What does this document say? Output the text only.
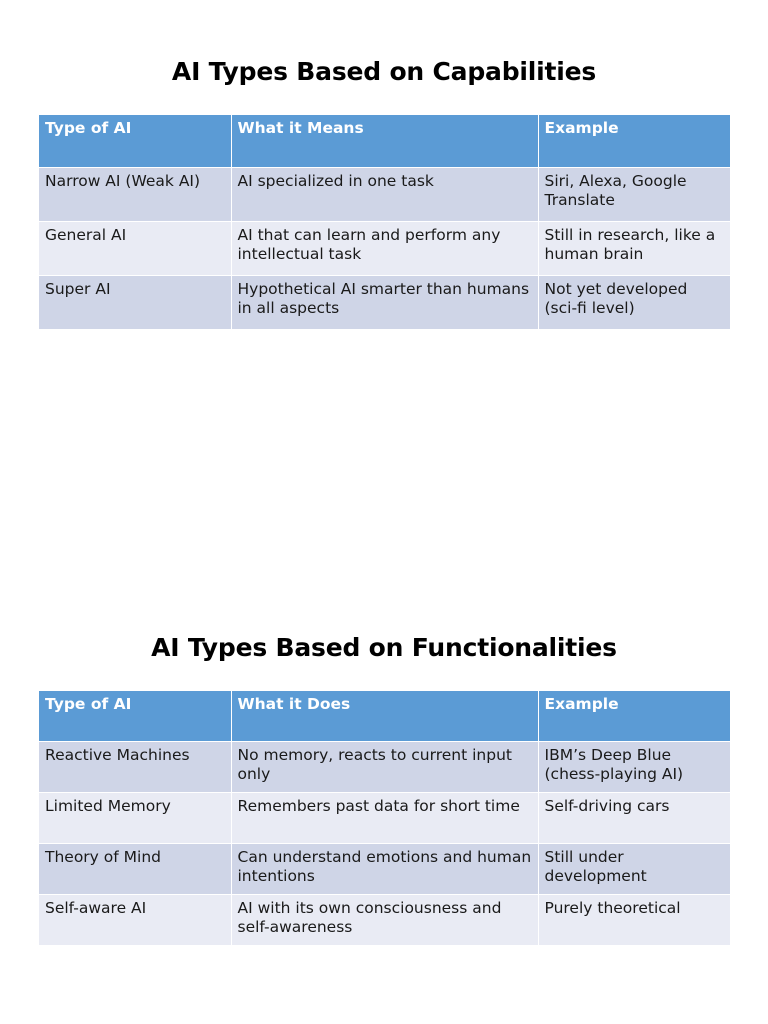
AI Types Based on Capabilities
Type of AI	What it Means	Example
Narrow AI (Weak AI)	AI specialized in one task	Siri, Alexa, Google Translate
General AI	AI that can learn and perform any intellectual task	Still in research, like a human brain
Super AI	Hypothetical AI smarter than humans in all aspects	Not yet developed (sci-fi level)
AI Types Based on Functionalities
Type of AI	What it Does	Example
Reactive Machines	No memory, reacts to current input only	IBM’s Deep Blue (chess-playing AI)
Limited Memory	Remembers past data for short time	Self-driving cars
Theory of Mind	Can understand emotions and human intentions	Still under development
Self-aware AI	AI with its own consciousness and self-awareness	Purely theoretical
